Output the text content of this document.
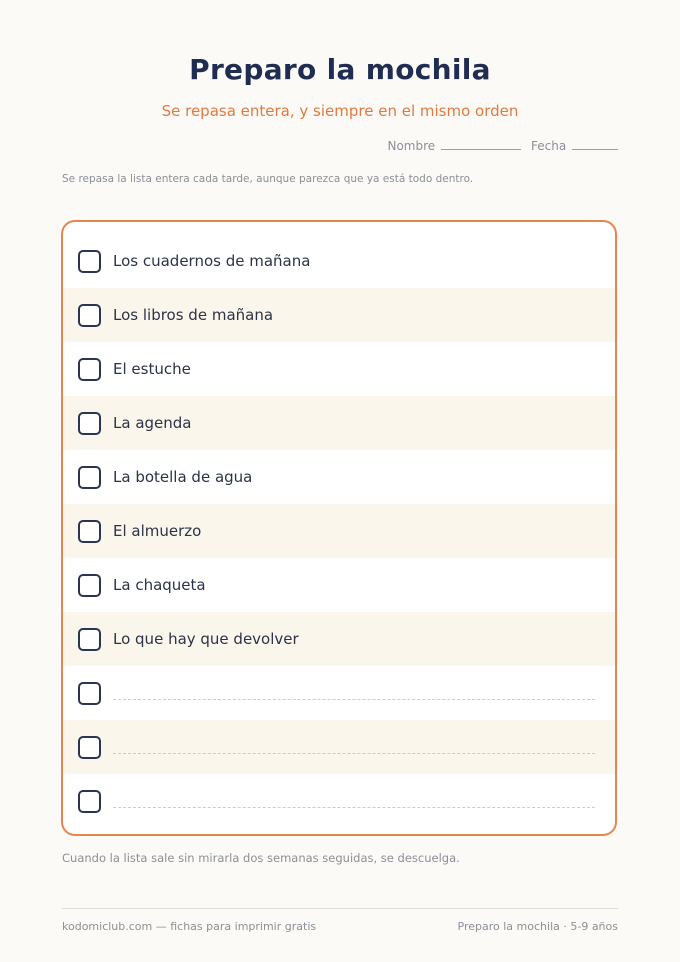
Preparo la mochila
Se repasa entera, y siempre en el mismo orden
Nombre	Fecha
Se repasa la lista entera cada tarde, aunque parezca que ya está todo dentro.
Los cuadernos de mañana
Los libros de mañana
El estuche
La agenda
La botella de agua
El almuerzo
La chaqueta
Lo que hay que devolver
Cuando la lista sale sin mirarla dos semanas seguidas, se descuelga.
kodomiclub.com — fichas para imprimir gratis	Preparo la mochila · 5-9 años
